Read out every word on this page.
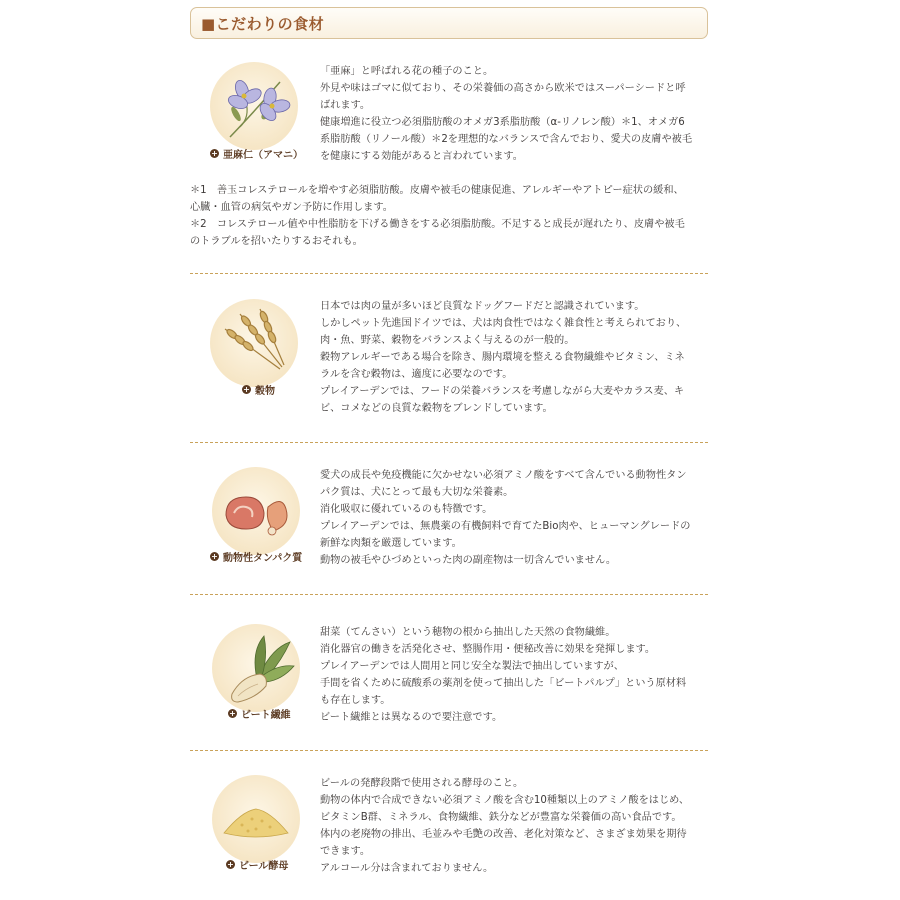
■こだわりの食材
+ 亜麻仁（アマニ）

「亜麻」と呼ばれる花の種子のこと。

外見や味はゴマに似ており、その栄養価の高さから欧米ではスーパーシードと呼

ばれます。

健康増進に役立つ必須脂肪酸のオメガ3系脂肪酸（α-リノレン酸）＊1、オメガ6

系脂肪酸（リノール酸）＊2を理想的なバランスで含んでおり、愛犬の皮膚や被毛

を健康にする効能があると言われています。

＊1　善玉コレステロールを増やす必須脂肪酸。皮膚や被毛の健康促進、アレルギーやアトピー症状の緩和、

心臓・血管の病気やガン予防に作用します。

＊2　コレステロール値や中性脂肪を下げる働きをする必須脂肪酸。不足すると成長が遅れたり、皮膚や被毛

のトラブルを招いたりするおそれも。

+ 穀物

日本では肉の量が多いほど良質なドッグフードだと認識されています。

しかしペット先進国ドイツでは、犬は肉食性ではなく雑食性と考えられており、

肉・魚、野菜、穀物をバランスよく与えるのが一般的。

穀物アレルギーである場合を除き、腸内環境を整える食物繊維やビタミン、ミネ

ラルを含む穀物は、適度に必要なのです。

プレイアーデンでは、フードの栄養バランスを考慮しながら大麦やカラス麦、キ

ビ、コメなどの良質な穀物をブレンドしています。

+ 動物性タンパク質

愛犬の成長や免疫機能に欠かせない必須アミノ酸をすべて含んでいる動物性タン

パク質は、犬にとって最も大切な栄養素。

消化吸収に優れているのも特徴です。

プレイアーデンでは、無農薬の有機飼料で育てたBio肉や、ヒューマングレードの

新鮮な肉類を厳選しています。

動物の被毛やひづめといった肉の副産物は一切含んでいません。

+ ビート繊維

甜菜（てんさい）という穂物の根から抽出した天然の食物繊維。

消化器官の働きを活発化させ、整腸作用・便秘改善に効果を発揮します。

プレイアーデンでは人間用と同じ安全な製法で抽出していますが、

手間を省くために硫酸系の薬剤を使って抽出した「ビートパルプ」という原材料

も存在します。

ビート繊維とは異なるので要注意です。

+ ビール酵母

ビールの発酵段階で使用される酵母のこと。

動物の体内で合成できない必須アミノ酸を含む10種類以上のアミノ酸をはじめ、

ビタミンB群、ミネラル、食物繊維、鉄分などが豊富な栄養価の高い食品です。

体内の老廃物の排出、毛並みや毛艶の改善、老化対策など、さまざま効果を期待

できます。

アルコール分は含まれておりません。
